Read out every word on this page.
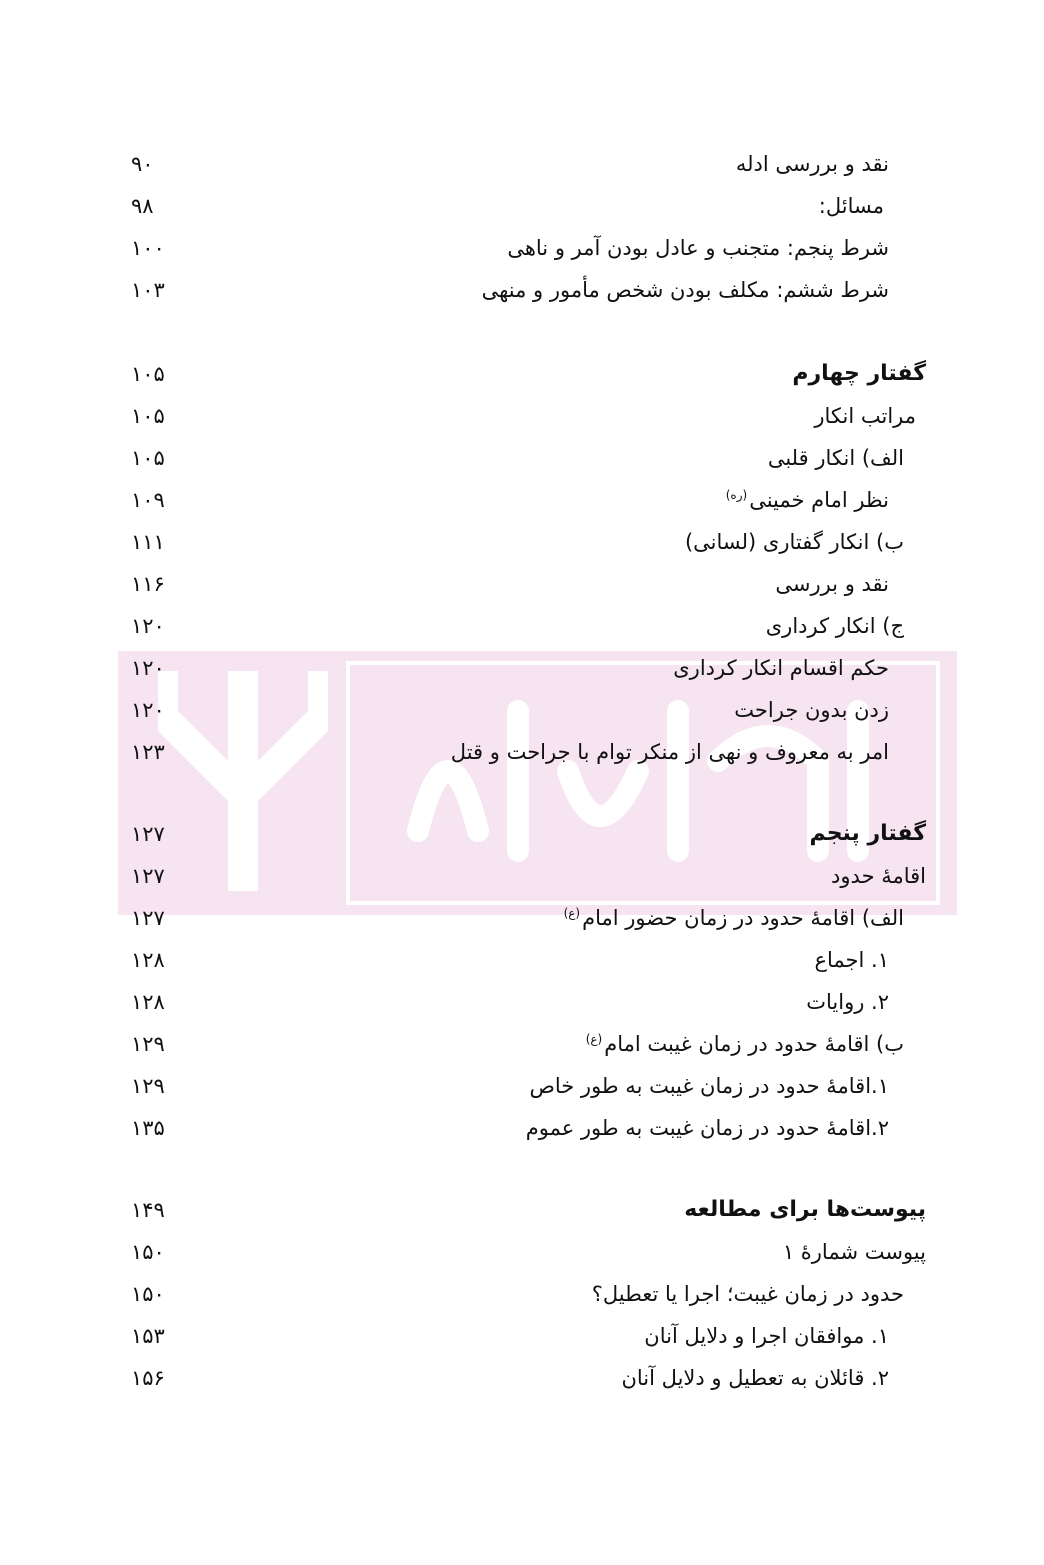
نقد و بررسی ادله
۹۰
مسائل:
۹۸
شرط پنجم: متجنب و عادل بودن آمر و ناهی
۱۰۰
شرط ششم: مکلف بودن شخص مأمور و منهی
۱۰۳
گفتار چهارم
۱۰۵
مراتب انکار
۱۰۵
الف) انکار قلبی
۱۰۵
نظر امام خمینی$^{(ره)}$
۱۰۹
ب) انکار گفتاری (لسانی)
۱۱۱
نقد و بررسی
۱۱۶
ج) انکار کرداری
۱۲۰
حکم اقسام انکار کرداری
۱۲۰
زدن بدون جراحت
۱۲۰
امر به معروف و نهی از منکر توام با جراحت و قتل
۱۲۳
گفتار پنجم
۱۲۷
اقامهٔ حدود
۱۲۷
الف) اقامهٔ حدود در زمان حضور امام$^{(ع)}$
۱۲۷
۱. اجماع
۱۲۸
۲. روایات
۱۲۸
ب) اقامهٔ حدود در زمان غیبت امام$^{(ع)}$
۱۲۹
۱.اقامهٔ حدود در زمان غیبت به طور خاص
۱۲۹
۲.اقامهٔ حدود در زمان غیبت به طور عموم
۱۳۵
پیوست‌ها برای مطالعه
۱۴۹
پیوست شمارهٔ ۱
۱۵۰
حدود در زمان غیبت؛ اجرا یا تعطیل؟
۱۵۰
۱. موافقان اجرا و دلایل آنان
۱۵۳
۲. قائلان به تعطیل و دلایل آنان
۱۵۶
